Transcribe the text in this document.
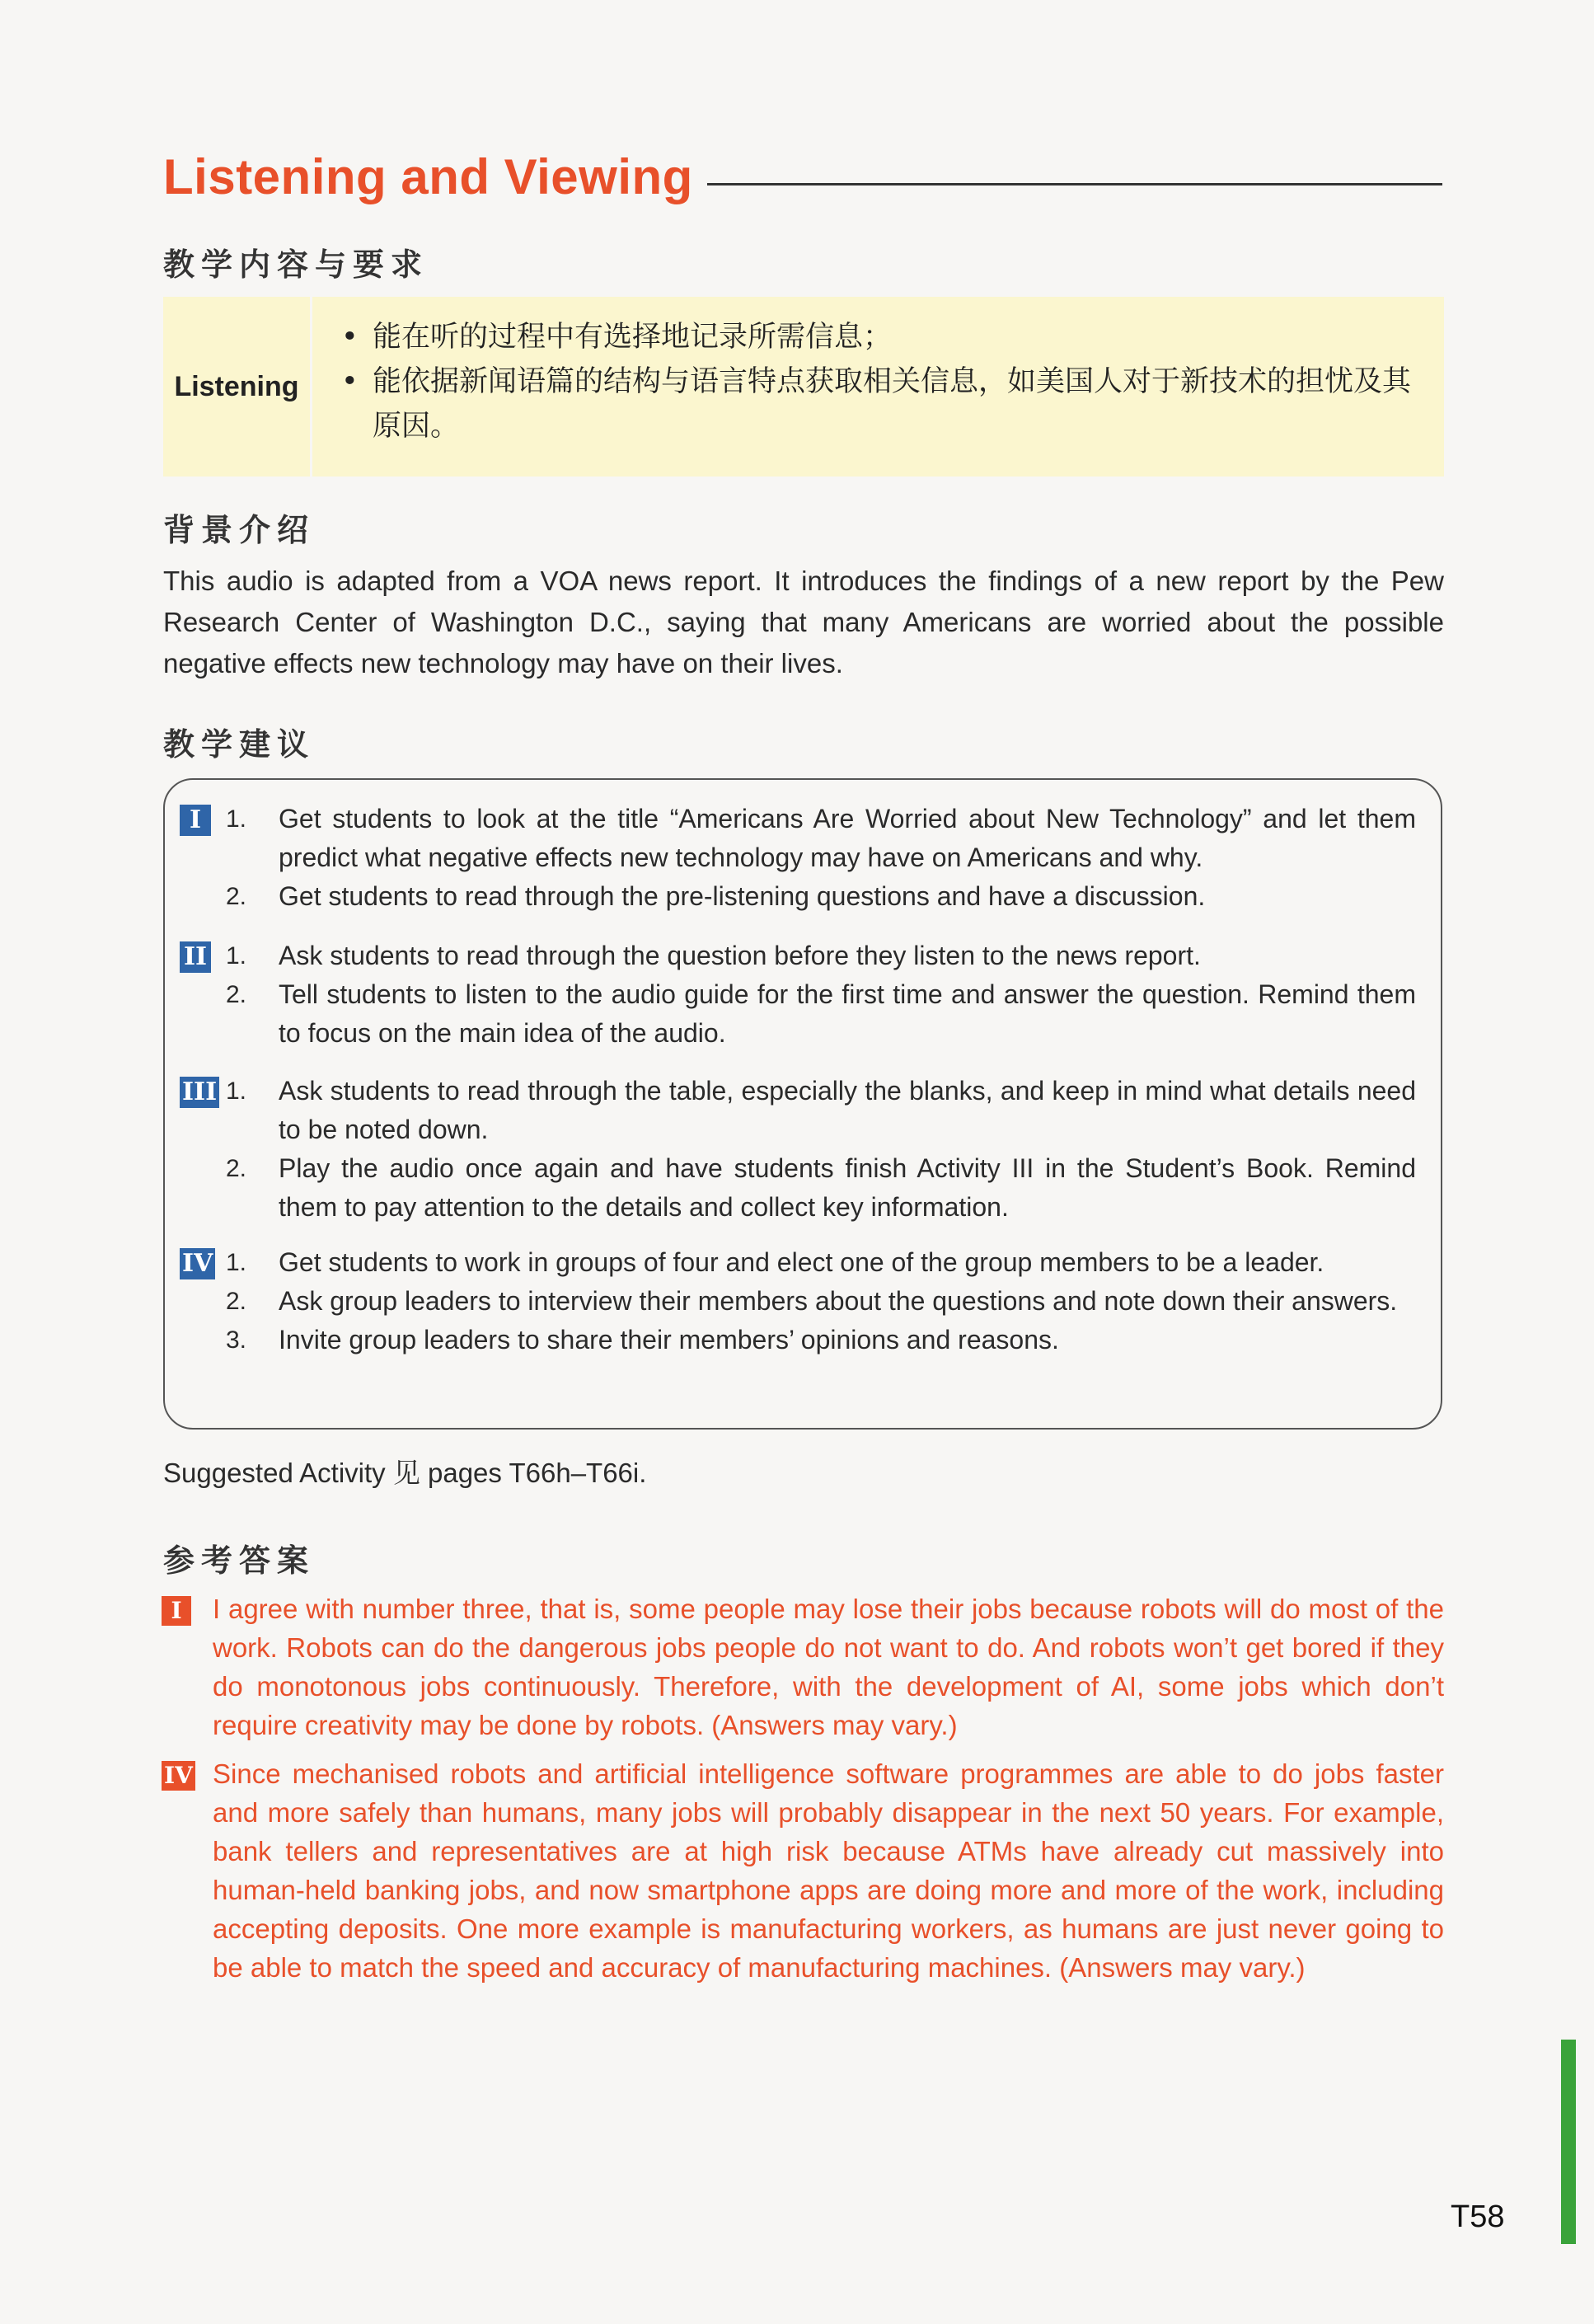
Listening and Viewing
教学内容与要求
Listening
• 能在听的过程中有选择地记录所需信息；
• 能依据新闻语篇的结构与语言特点获取相关信息，如美国人对于新技术的担忧及其原因。
背景介绍
This audio is adapted from a VOA news report. It introduces the findings of a new report by the Pew Research Center of Washington D.C., saying that many Americans are worried about the possible negative effects new technology may have on their lives.
教学建议
I 1. Get students to look at the title “Americans Are Worried about New Technology” and let them predict what negative effects new technology may have on Americans and why.
2. Get students to read through the pre-listening questions and have a discussion.
II 1. Ask students to read through the question before they listen to the news report.
2. Tell students to listen to the audio guide for the first time and answer the question. Remind them to focus on the main idea of the audio.
III 1. Ask students to read through the table, especially the blanks, and keep in mind what details need to be noted down.
2. Play the audio once again and have students finish Activity III in the Student’s Book. Remind them to pay attention to the details and collect key information.
IV 1. Get students to work in groups of four and elect one of the group members to be a leader.
2. Ask group leaders to interview their members about the questions and note down their answers.
3. Invite group leaders to share their members’ opinions and reasons.
Suggested Activity 见 pages T66h–T66i.
参考答案
I	I agree with number three, that is, some people may lose their jobs because robots will do most of the work. Robots can do the dangerous jobs people do not want to do. And robots won’t get bored if they do monotonous jobs continuously. Therefore, with the development of AI, some jobs which don’t require creativity may be done by robots. (Answers may vary.)
IV Since mechanised robots and artificial intelligence software programmes are able to do jobs faster and more safely than humans, many jobs will probably disappear in the next 50 years. For example, bank tellers and representatives are at high risk because ATMs have already cut massively into human-held banking jobs, and now smartphone apps are doing more and more of the work, including accepting deposits. One more example is manufacturing workers, as humans are just never going to be able to match the speed and accuracy of manufacturing machines. (Answers may vary.)
T58
